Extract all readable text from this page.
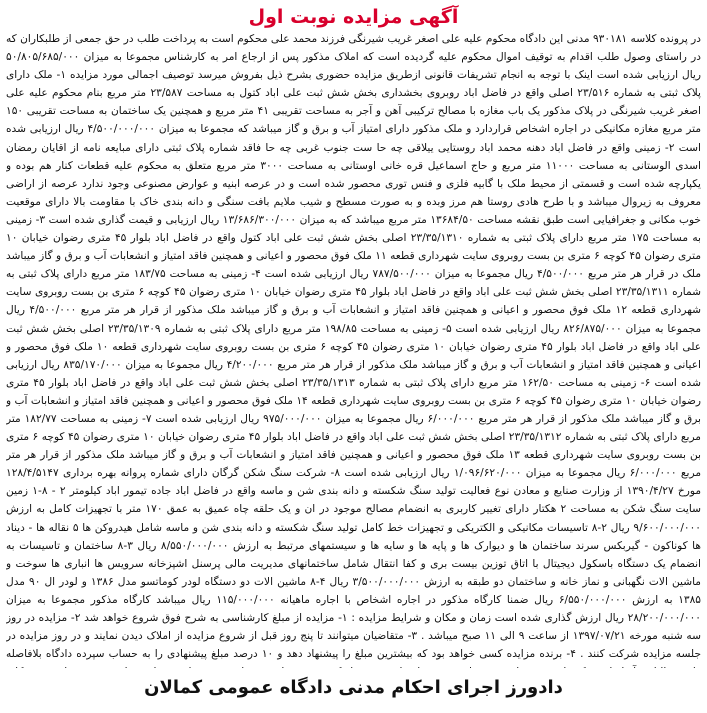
آگهی مزایده نوبت اول
در پرونده کلاسه ۹۳۰۱۸۱ مدنی این دادگاه محکوم علیه علی اصغر غریب شیرنگی فرزند محمد علی محکوم است به پرداخت طلب در حق جمعی از طلبکاران که در راستای وصول طلب اقدام به توقیف اموال محکوم علیه گردیده است که املاک مذکور پس از ارجاع امر به کارشناس مجموعا به میزان ۵۰/۸۰۵/۶۸۵/۰۰۰ ریال ارزیابی شده است اینک با توجه به انجام تشریفات قانونی ازطریق مزایده حضوری بشرح ذیل بفروش میرسد توصیف اجمالی مورد مزایده ۱- ملک دارای پلاک ثبتی به شماره ۲۳/۵۱۶ اصلی واقع در فاضل اباد روبروی بخشداری بخش شش ثبت علی اباد کتول به مساحت ۲۳/۵۸۷ متر مربع بنام محکوم علیه علی اصغر غریب شیرنگی در پلاک مذکور یک باب مغازه با مصالح ترکیبی آهن و آجر به مساحت تقریبی ۴۱ متر مربع و همچنین یک ساختمان به مساحت تقریبی ۱۵۰ متر مربع مغازه مکانیکی در اجاره اشخاص قراردارد و ملک مذکور دارای امتیاز آب و برق و گاز میباشد که مجموعا به میزان ۴/۵۰۰/۰۰۰/۰۰۰ ریال ارزیابی شده است ۲- زمینی واقع در فاضل اباد دهنه محمد اباد روستایی ییلاقی چه حا ست جنوب غربی چه حا فاقد شماره پلاک ثبتی دارای مبایعه نامه از اقایان رمضان اسدی الوستانی به مساحت ۱۱۰۰۰ متر مربع و حاج اسماعیل قره خانی اوستانی به مساحت ۳۰۰۰ متر مربع متعلق به محکوم علیه قطعات کنار هم بوده و یکپارچه شده است و قسمتی از محیط ملک با گابیه فلزی و فنس توری محصور شده است و در عرصه ابنیه و عوارض مصنوعی وجود ندارد عرصه از اراضی معروف به زیروال میباشد و با طرح هادی روستا هم مرز وبده و به صورت مسطح و شیب ملایم بافت سنگی و دانه بندی خاک با مقاومت بالا دارای موقعیت خوب مکانی و جغرافیایی است طبق نقشه مساحت ۱۳۶۸۴/۵۰ متر مربع میباشد که به میزان ۱۳/۶۸۶/۳۰۰/۰۰۰ ریال ارزیابی و قیمت گذاری شده است ۳- زمینی به مساحت ۱۷۵ متر مربع دارای پلاک ثبتی به شماره ۲۳/۳۵/۱۳۱۰ اصلی بخش شش ثبت علی اباد کتول واقع در فاضل اباد بلوار ۴۵ متری رضوان خیابان ۱۰ متری رضوان ۴۵ کوچه ۶ متری بن بست روبروی سایت شهرداری قطعه ۱۱ ملک فوق محصور و اعیانی و همچنین فاقد امتیاز و انشعابات آب و برق و گاز میباشد ملک در قرار هر متر مربع ۴/۵۰۰/۰۰۰ ریال مجموعا به میزان ۷۸۷/۵۰۰/۰۰۰ ریال ارزیابی شده است ۴- زمینی به مساحت ۱۸۳/۷۵ متر مربع دارای پلاک ثبتی به شماره ۲۳/۳۵/۱۳۱۱ اصلی بخش شش ثبت علی اباد واقع در فاضل اباد بلوار ۴۵ متری رضوان خیابان ۱۰ متری رضوان ۴۵ کوچه ۶ متری بن بست روبروی سایت شهرداری قطعه ۱۲ ملک فوق محصور و اعیانی و همچنین فاقد امتیاز و انشعابات آب و برق و گاز میباشد ملک مذکور از قرار هر متر مربع ۴/۵۰۰/۰۰۰ ریال مجموعا به میزان ۸۲۶/۸۷۵/۰۰۰ ریال ارزیابی شده است ۵- زمینی به مساحت ۱۹۸/۸۵ متر مربع دارای پلاک ثبتی به شماره ۲۳/۳۵/۱۳۰۹ اصلی بخش شش ثبت علی اباد واقع در فاضل اباد بلوار ۴۵ متری رضوان خیابان ۱۰ متری رضوان ۴۵ کوچه ۶ متری بن بست روبروی سایت شهرداری قطعه ۱۰ ملک فوق محصور و اعیانی و همچنین فاقد امتیاز و انشعابات آب و برق و گاز میباشد ملک مذکور از قرار هر متر مربع ۴/۲۰۰/۰۰۰ ریال مجموعا به میزان ۸۳۵/۱۷۰/۰۰۰ ریال ارزیابی شده است ۶- زمینی به مساحت ۱۶۲/۵۰ متر مربع دارای پلاک ثبتی به شماره ۲۳/۳۵/۱۳۱۳ اصلی بخش شش ثبت علی اباد واقع در فاضل اباد بلوار ۴۵ متری رضوان خیابان ۱۰ متری رضوان ۴۵ کوچه ۶ متری بن بست روبروی سایت شهرداری قطعه ۱۴ ملک فوق محصور و اعیانی و همچنین فاقد امتیاز و انشعابات آب و برق و گاز میباشد ملک مذکور از قرار هر متر مربع ۶/۰۰۰/۰۰۰ ریال مجموعا به میزان ۹۷۵/۰۰۰/۰۰۰ ریال ارزیابی شده است ۷- زمینی به مساحت ۱۸۲/۷۷ متر مربع دارای پلاک ثبتی به شماره ۲۳/۳۵/۱۳۱۲ اصلی بخش شش ثبت علی اباد واقع در فاضل اباد بلوار ۴۵ متری رضوان خیابان ۱۰ متری رضوان ۴۵ کوچه ۶ متری بن بست روبروی سایت شهرداری قطعه ۱۳ ملک فوق محصور و اعیانی و همچنین فاقد امتیاز و انشعابات آب و برق و گاز میباشد ملک مذکور از قرار هر متر مربع ۶/۰۰۰/۰۰۰ ریال مجموعا به میزان ۱/۰۹۶/۶۲۰/۰۰۰ ریال ارزیابی شده است ۸- شرکت سنگ شکن گرگان دارای شماره پروانه بهره برداری ۱۲۸/۴/۵۱۴۷ مورخ ۱۳۹۰/۴/۲۷ از وزارت صنایع و معادن نوع فعالیت تولید سنگ شکسته و دانه بندی شن و ماسه واقع در فاضل اباد جاده تیمور اباد کیلومتر ۲ - ۸-۱ زمین سایت سنگ شکن به مساحت ۲ هکتار دارای تغییر کاربری به انضمام مصالح موجود در ان و یک حلقه چاه عمیق به عمق ۱۷۰ متر با تجهیزات کامل به ارزش ۹/۶۰۰/۰۰۰/۰۰۰ ریال ۲-۸ تاسیسات مکانیکی و الکتریکی و تجهیزات خط کامل تولید سنگ شکسته و دانه بندی شن و ماسه شامل هیدروکن ها ۵ نقاله ها - دیناد ها کوناکون - گیربکس سرند ساختمان ها و دیوارک ها و پایه ها و سایه ها و سیستمهای مرتبط به ارزش ۸/۵۵۰/۰۰۰/۰۰۰ ریال ۳-۸ ساختمان و تاسیسات به انضمام یک دستگاه باسکول دیجیتال با اتاق توزین بیست بری و کفا انتقال شامل ساختمانهای مدیریت مالی پرسنل اشپزخانه سرویس ها انباری ها سوخت و ماشین الات نگهبانی و نماز خانه و ساختمان دو طبقه به ارزش ۳/۵۰۰/۰۰۰/۰۰۰ ریال ۴-۸ ماشین الات دو دستگاه لودر کوماتسو مدل ۱۳۸۶ و لودر ال ۹۰ مدل ۱۳۸۵ به ارزش ۶/۵۵۰/۰۰۰/۰۰۰ ریال ضمنا کارگاه مذکور در اجاره اشخاص با اجاره ماهیانه ۱۱۵/۰۰۰/۰۰۰ ریال میباشد کارگاه مذکور مجموعا به میزان ۲۸/۲۰۰/۰۰۰/۰۰۰ ریال ارزش گذاری شده است زمان و مکان و شرایط مزایده : ۱- مزایده از مبلغ کارشناسی به شرح فوق شروع خواهد شد ۲- مزایده در روز سه شنبه مورخه ۱۳۹۷/۰۷/۲۱ از ساعت ۹ الی ۱۱ صبح میباشد . ۳- متقاضیان میتوانند تا پنج روز قبل از شروع مزایده از املاک دیدن نمایند و در روز مزایده در جلسه مزایده شرکت کنند . ۴- برنده مزایده کسی خواهد بود که بیشترین مبلغ را پیشنهاد دهد و ۱۰ درصد مبلغ پیشنهادی را به حساب سپرده دادگاه بلافاصله
دادورز اجرای احکام مدنی دادگاه عمومی کمالان
